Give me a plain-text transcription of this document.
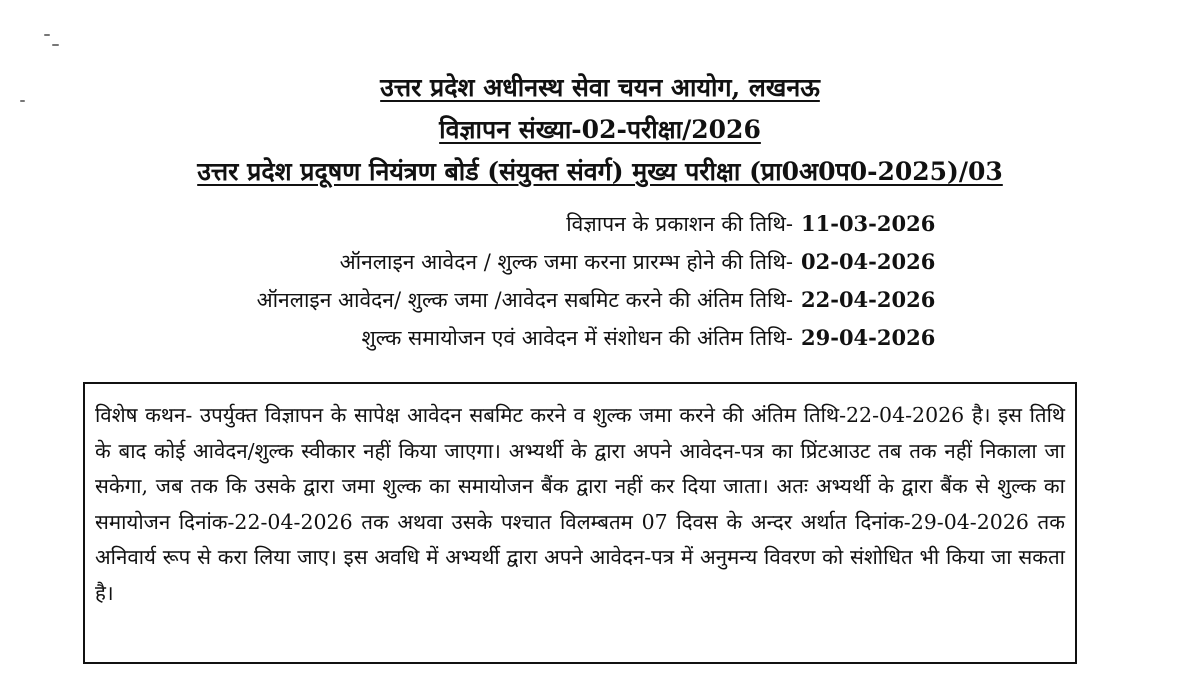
उत्तर प्रदेश अधीनस्थ सेवा चयन आयोग, लखनऊ
विज्ञापन संख्या-02-परीक्षा/2026
उत्तर प्रदेश प्रदूषण नियंत्रण बोर्ड (संयुक्त संवर्ग) मुख्य परीक्षा (प्रा0अ0प0-2025)/03
विज्ञापन के प्रकाशन की तिथि- 11-03-2026
ऑनलाइन आवेदन / शुल्क जमा करना प्रारम्भ होने की तिथि- 02-04-2026
ऑनलाइन आवेदन/ शुल्क जमा /आवेदन सबमिट करने की अंतिम तिथि- 22-04-2026
शुल्क समायोजन एवं आवेदन में संशोधन की अंतिम तिथि- 29-04-2026

विशेष कथन- उपर्युक्त विज्ञापन के सापेक्ष आवेदन सबमिट करने व शुल्क जमा करने की अंतिम तिथि-22-04-2026 है। इस तिथि के बाद कोई आवेदन/शुल्क स्वीकार नहीं किया जाएगा। अभ्यर्थी के द्वारा अपने आवेदन-पत्र का प्रिंटआउट तब तक नहीं निकाला जा सकेगा, जब तक कि उसके द्वारा जमा शुल्क का समायोजन बैंक द्वारा नहीं कर दिया जाता। अतः अभ्यर्थी के द्वारा बैंक से शुल्क का समायोजन दिनांक-22-04-2026 तक अथवा उसके पश्चात विलम्बतम 07 दिवस के अन्दर अर्थात दिनांक-29-04-2026 तक अनिवार्य रूप से करा लिया जाए। इस अवधि में अभ्यर्थी द्वारा अपने आवेदन-पत्र में अनुमन्य विवरण को संशोधित भी किया जा सकता है।
